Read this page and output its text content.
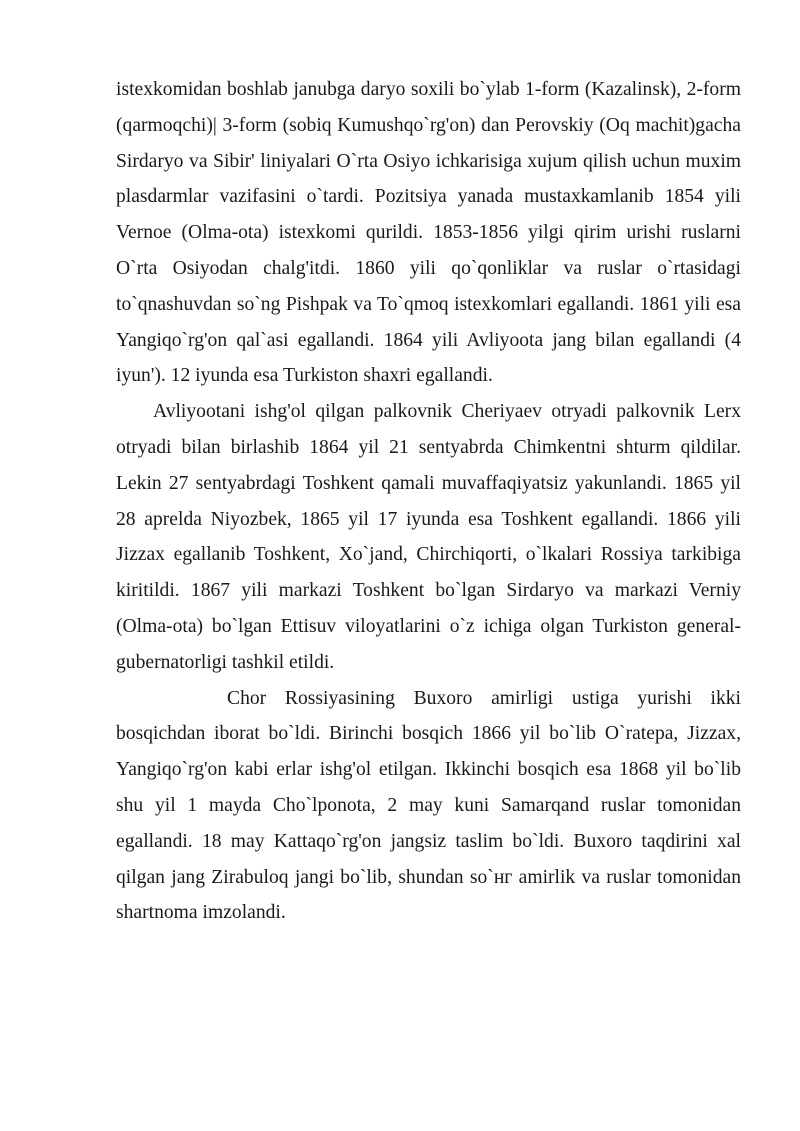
istexkomidan boshlab janubga daryo soxili bo`ylab 1-form (Kazalinsk), 2-form (qarmoqchi)| 3-form (sobiq Kumushqo`rg'on) dan Perovskiy (Oq machit)gacha Sirdaryo va Sibir' liniyalari O`rta Osiyo ichkarisiga xujum qilish uchun muxim plasdarmlar vazifasini o`tardi. Pozitsiya yanada mustaxkamlanib 1854 yili Vernoe (Olma-ota) istexkomi qurildi. 1853-1856 yilgi qirim urishi ruslarni O`rta Osiyodan chalg'itdi. 1860 yili qo`qonliklar va ruslar o`rtasidagi to`qnashuvdan so`ng Pishpak va To`qmoq istexkomlari egallandi. 1861 yili esa Yangiqo`rg'on qal`asi egallandi. 1864 yili Avliyoota jang bilan egallandi (4 iyun'). 12 iyunda esa Turkiston shaxri egallandi.

Avliyootani ishg'ol qilgan palkovnik Cheriyaev otryadi palkovnik Lerx otryadi bilan birlashib 1864 yil 21 sentyabrda Chimkentni shturm qildilar. Lekin 27 sentyabrdagi Toshkent qamali muvaffaqiyatsiz yakunlandi. 1865 yil 28 aprelda Niyozbek, 1865 yil 17 iyunda esa Toshkent egallandi. 1866 yili Jizzax egallanib Toshkent, Xo`jand, Chirchiqorti, o`lkalari Rossiya tarkibiga kiritildi. 1867 yili markazi Toshkent bo`lgan Sirdaryo va markazi Verniy (Olma-ota) bo`lgan Ettisuv viloyatlarini o`z ichiga olgan Turkiston general-gubernatorligi tashkil etildi.

Chor Rossiyasining Buxoro amirligi ustiga yurishi ikki bosqichdan iborat bo`ldi. Birinchi bosqich 1866 yil bo`lib O`ratepa, Jizzax, Yangiqo`rg'on kabi erlar ishg'ol etilgan. Ikkinchi bosqich esa 1868 yil bo`lib shu yil 1 mayda Cho`lponota, 2 may kuni Samarqand ruslar tomonidan egallandi. 18 may Kattaqo`rg'on jangsiz taslim bo`ldi. Buxoro taqdirini xal qilgan jang Zirabuloq jangi bo`lib, shundan so`нг amirlik va ruslar tomonidan shartnoma imzolandi.
